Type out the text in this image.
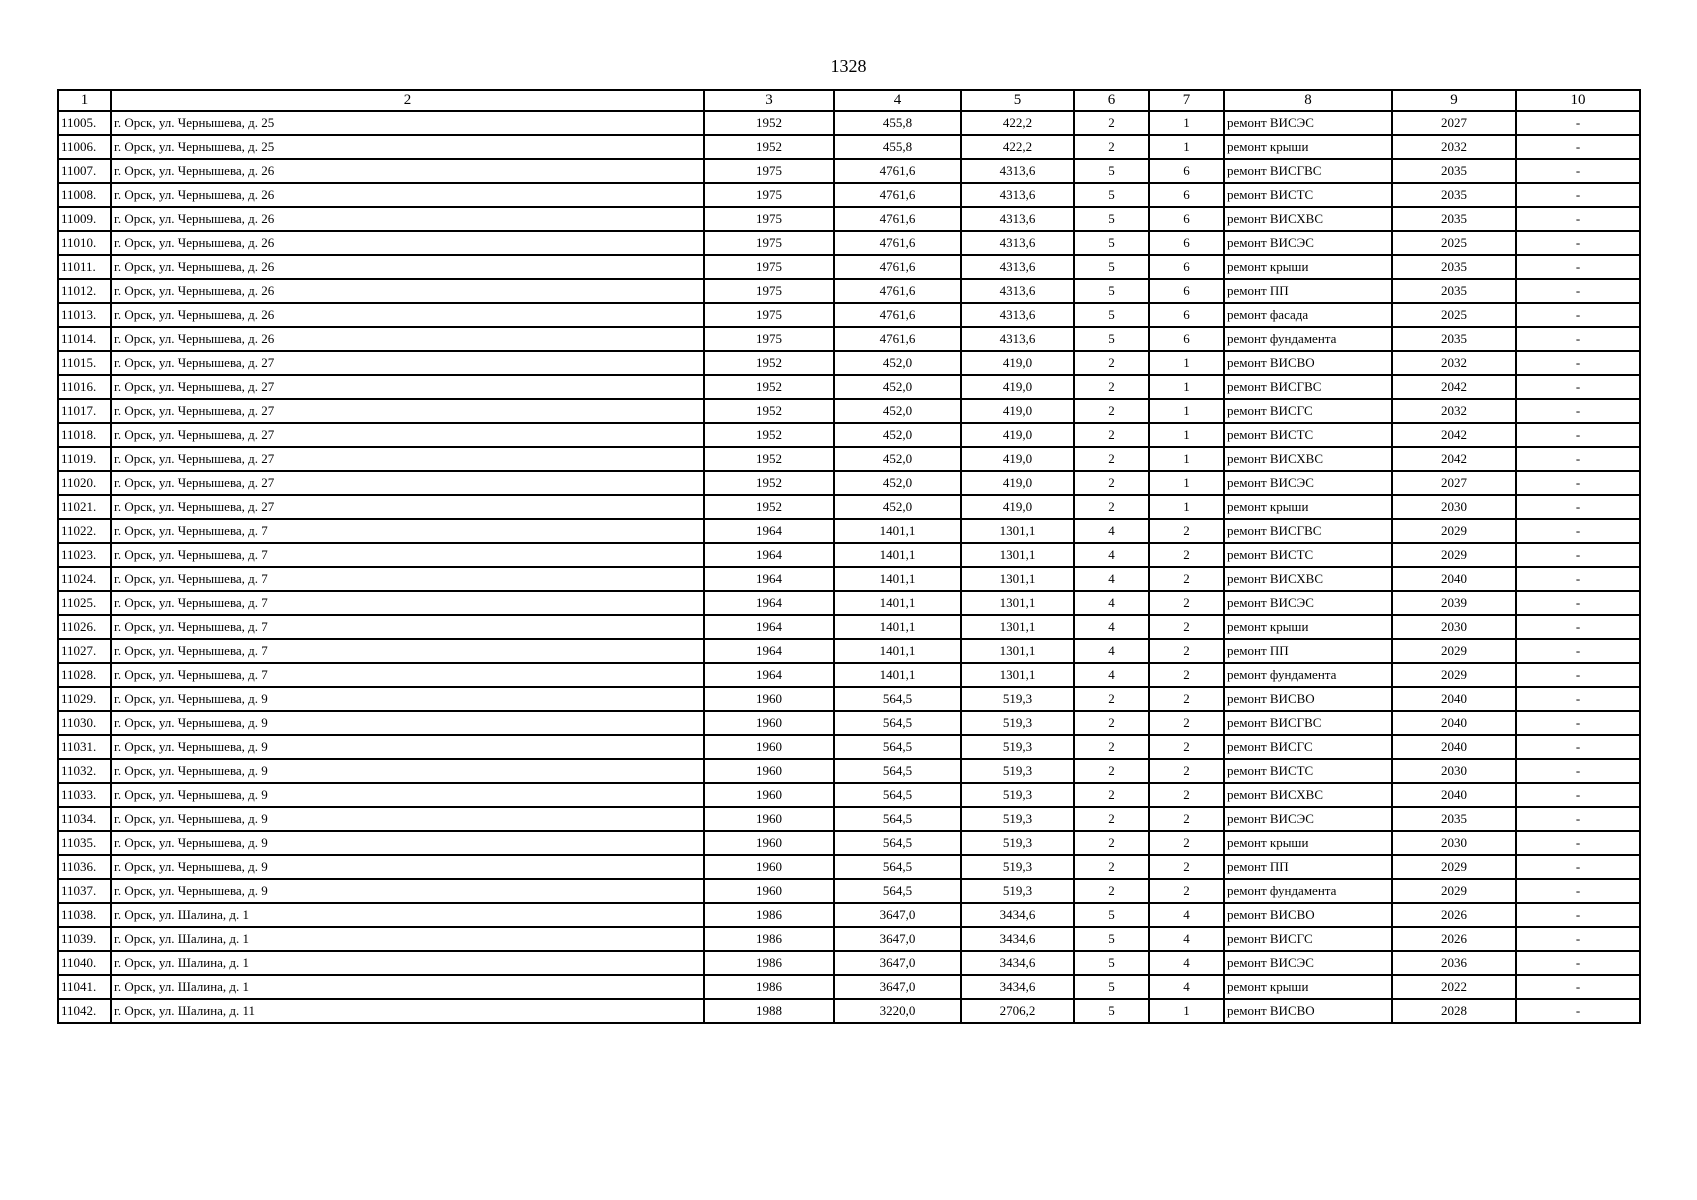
1328
1	2	3	4	5	6	7	8	9	10
11005.	г. Орск, ул. Чернышева, д. 25	1952	455,8	422,2	2	1	ремонт ВИСЭС	2027	-
11006.	г. Орск, ул. Чернышева, д. 25	1952	455,8	422,2	2	1	ремонт крыши	2032	-
11007.	г. Орск, ул. Чернышева, д. 26	1975	4761,6	4313,6	5	6	ремонт ВИСГВС	2035	-
11008.	г. Орск, ул. Чернышева, д. 26	1975	4761,6	4313,6	5	6	ремонт ВИСТС	2035	-
11009.	г. Орск, ул. Чернышева, д. 26	1975	4761,6	4313,6	5	6	ремонт ВИСХВС	2035	-
11010.	г. Орск, ул. Чернышева, д. 26	1975	4761,6	4313,6	5	6	ремонт ВИСЭС	2025	-
11011.	г. Орск, ул. Чернышева, д. 26	1975	4761,6	4313,6	5	6	ремонт крыши	2035	-
11012.	г. Орск, ул. Чернышева, д. 26	1975	4761,6	4313,6	5	6	ремонт ПП	2035	-
11013.	г. Орск, ул. Чернышева, д. 26	1975	4761,6	4313,6	5	6	ремонт фасада	2025	-
11014.	г. Орск, ул. Чернышева, д. 26	1975	4761,6	4313,6	5	6	ремонт фундамента	2035	-
11015.	г. Орск, ул. Чернышева, д. 27	1952	452,0	419,0	2	1	ремонт ВИСВО	2032	-
11016.	г. Орск, ул. Чернышева, д. 27	1952	452,0	419,0	2	1	ремонт ВИСГВС	2042	-
11017.	г. Орск, ул. Чернышева, д. 27	1952	452,0	419,0	2	1	ремонт ВИСГС	2032	-
11018.	г. Орск, ул. Чернышева, д. 27	1952	452,0	419,0	2	1	ремонт ВИСТС	2042	-
11019.	г. Орск, ул. Чернышева, д. 27	1952	452,0	419,0	2	1	ремонт ВИСХВС	2042	-
11020.	г. Орск, ул. Чернышева, д. 27	1952	452,0	419,0	2	1	ремонт ВИСЭС	2027	-
11021.	г. Орск, ул. Чернышева, д. 27	1952	452,0	419,0	2	1	ремонт крыши	2030	-
11022.	г. Орск, ул. Чернышева, д. 7	1964	1401,1	1301,1	4	2	ремонт ВИСГВС	2029	-
11023.	г. Орск, ул. Чернышева, д. 7	1964	1401,1	1301,1	4	2	ремонт ВИСТС	2029	-
11024.	г. Орск, ул. Чернышева, д. 7	1964	1401,1	1301,1	4	2	ремонт ВИСХВС	2040	-
11025.	г. Орск, ул. Чернышева, д. 7	1964	1401,1	1301,1	4	2	ремонт ВИСЭС	2039	-
11026.	г. Орск, ул. Чернышева, д. 7	1964	1401,1	1301,1	4	2	ремонт крыши	2030	-
11027.	г. Орск, ул. Чернышева, д. 7	1964	1401,1	1301,1	4	2	ремонт ПП	2029	-
11028.	г. Орск, ул. Чернышева, д. 7	1964	1401,1	1301,1	4	2	ремонт фундамента	2029	-
11029.	г. Орск, ул. Чернышева, д. 9	1960	564,5	519,3	2	2	ремонт ВИСВО	2040	-
11030.	г. Орск, ул. Чернышева, д. 9	1960	564,5	519,3	2	2	ремонт ВИСГВС	2040	-
11031.	г. Орск, ул. Чернышева, д. 9	1960	564,5	519,3	2	2	ремонт ВИСГС	2040	-
11032.	г. Орск, ул. Чернышева, д. 9	1960	564,5	519,3	2	2	ремонт ВИСТС	2030	-
11033.	г. Орск, ул. Чернышева, д. 9	1960	564,5	519,3	2	2	ремонт ВИСХВС	2040	-
11034.	г. Орск, ул. Чернышева, д. 9	1960	564,5	519,3	2	2	ремонт ВИСЭС	2035	-
11035.	г. Орск, ул. Чернышева, д. 9	1960	564,5	519,3	2	2	ремонт крыши	2030	-
11036.	г. Орск, ул. Чернышева, д. 9	1960	564,5	519,3	2	2	ремонт ПП	2029	-
11037.	г. Орск, ул. Чернышева, д. 9	1960	564,5	519,3	2	2	ремонт фундамента	2029	-
11038.	г. Орск, ул. Шалина, д. 1	1986	3647,0	3434,6	5	4	ремонт ВИСВО	2026	-
11039.	г. Орск, ул. Шалина, д. 1	1986	3647,0	3434,6	5	4	ремонт ВИСГС	2026	-
11040.	г. Орск, ул. Шалина, д. 1	1986	3647,0	3434,6	5	4	ремонт ВИСЭС	2036	-
11041.	г. Орск, ул. Шалина, д. 1	1986	3647,0	3434,6	5	4	ремонт крыши	2022	-
11042.	г. Орск, ул. Шалина, д. 11	1988	3220,0	2706,2	5	1	ремонт ВИСВО	2028	-
